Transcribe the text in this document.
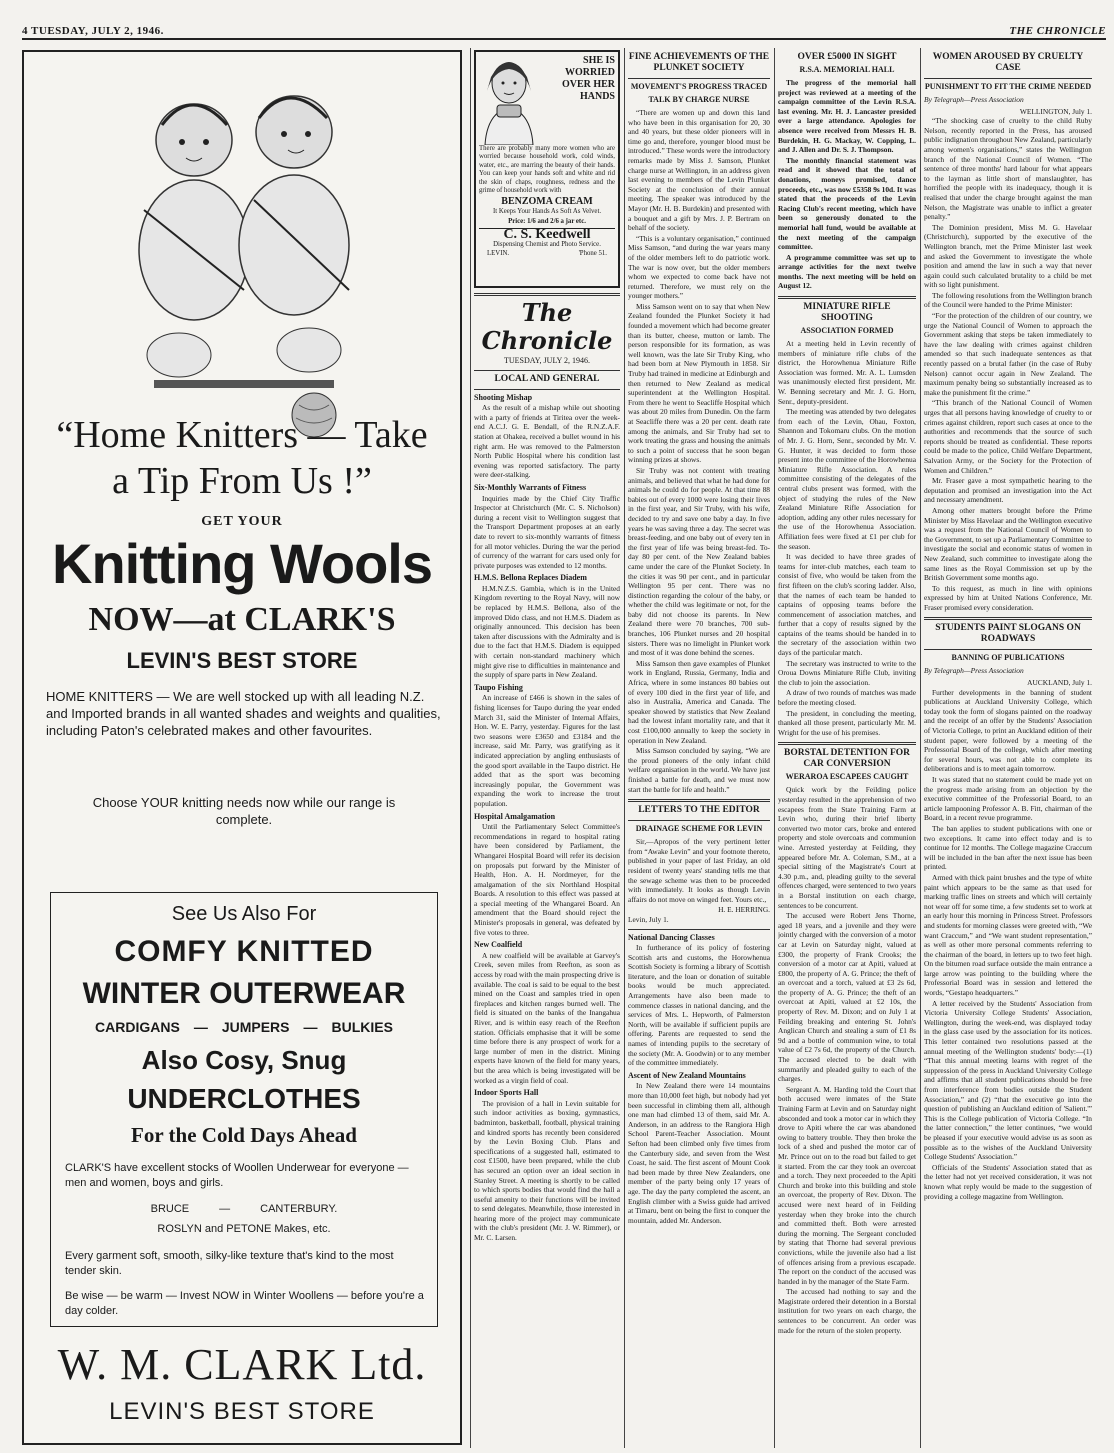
4 TUESDAY, JULY 2, 1946.	THE CHRONICLE
“Home Knitters — Take
a Tip From Us !”
GET YOUR
Knitting Wools
NOW—at CLARK'S
LEVIN'S BEST STORE
HOME KNITTERS — We are well stocked up with all leading N.Z. and Imported brands in all wanted shades and weights and qualities, including Paton's celebrated makes and other favourites.
Choose YOUR knitting needs now while our range is complete.
See Us Also For
COMFY KNITTED
WINTER OUTERWEAR
CARDIGANS — JUMPERS — BULKIES
Also Cosy, Snug
UNDERCLOTHES
For the Cold Days Ahead
CLARK'S have excellent stocks of Woollen Underwear for everyone — men and women, boys and girls.
BRUCE	—	CANTERBURY.
ROSLYN and PETONE Makes, etc.
Every garment soft, smooth, silky-like texture that's kind to the most tender skin.
Be wise — be warm — Invest NOW in Winter Woollens — before you're a day colder.
W. M. CLARK Ltd.
LEVIN'S BEST STORE
SHE IS WORRIED OVER HER HANDS
There are probably many more women who are worried because household work, cold winds, water, etc., are marring the beauty of their hands. You can keep your hands soft and white and rid the skin of chaps, roughness, redness and the grime of household work with
BENZOMA CREAM
It Keeps Your Hands As Soft As Velvet.
Price: 1/6 and 2/6 a jar etc.
C. S. Keedwell
Dispensing Chemist and Photo Service.
LEVIN.	'Phone 51.
The Chronicle
TUESDAY, JULY 2, 1946.
LOCAL AND GENERAL
Shooting Mishap
As the result of a mishap while out shooting with a party of friends at Tiritea over the week-end A.C.J. G. E. Bendall, of the R.N.Z.A.F. station at Ohakea, received a bullet wound in his right arm. He was removed to the Palmerston North Public Hospital where his condition last evening was reported satisfactory. The party were deer-stalking.
Six-Monthly Warrants of Fitness
Inquiries made by the Chief City Traffic Inspector at Christchurch (Mr. C. S. Nicholson) during a recent visit to Wellington suggest that the Transport Department proposes at an early date to revert to six-monthly warrants of fitness for all motor vehicles. During the war the period of currency of the warrant for cars used only for private purposes was extended to 12 months.
H.M.S. Bellona Replaces Diadem
H.M.N.Z.S. Gambia, which is in the United Kingdom reverting to the Royal Navy, will now be replaced by H.M.S. Bellona, also of the improved Dido class, and not H.M.S. Diadem as originally announced. This decision has been taken after discussions with the Admiralty and is due to the fact that H.M.S. Diadem is equipped with certain non-standard machinery which might give rise to difficulties in maintenance and the supply of spare parts in New Zealand.
Taupo Fishing
An increase of £466 is shown in the sales of fishing licenses for Taupo during the year ended March 31, said the Minister of Internal Affairs, Hon. W. E. Parry, yesterday. Figures for the last two seasons were £3650 and £3184 and the increase, said Mr. Parry, was gratifying as it indicated appreciation by angling enthusiasts of the good sport available in the Taupo district. He added that as the sport was becoming increasingly popular, the Government was expanding the work to increase the trout population.
Hospital Amalgamation
Until the Parliamentary Select Committee's recommendations in regard to hospital rating have been considered by Parliament, the Whangarei Hospital Board will refer its decision on proposals put forward by the Minister of Health, Hon. A. H. Nordmeyer, for the amalgamation of the six Northland Hospital Boards. A resolution to this effect was passed at a special meeting of the Whangarei Board. An amendment that the Board should reject the Minister's proposals in general, was defeated by five votes to three.
New Coalfield
A new coalfield will be available at Garvey's Creek, seven miles from Reefton, as soon as access by road with the main prospecting drive is available. The coal is said to be equal to the best mined on the Coast and samples tried in open fireplaces and kitchen ranges burned well. The field is situated on the banks of the Inangahua River, and is within easy reach of the Reefton station. Officials emphasise that it will be some time before there is any prospect of work for a large number of men in the district. Mining experts have known of the field for many years, but the area which is being investigated will be worked as a virgin field of coal.
Indoor Sports Hall
The provision of a hall in Levin suitable for such indoor activities as boxing, gymnastics, badminton, basketball, football, physical training and kindred sports has recently been considered by the Levin Boxing Club. Plans and specifications of a suggested hall, estimated to cost £1500, have been prepared, while the club has secured an option over an ideal section in Stanley Street. A meeting is shortly to be called to which sports bodies that would find the hall a useful amenity to their functions will be invited to send delegates. Meanwhile, those interested in hearing more of the project may communicate with the club's president (Mr. J. W. Rimmer), or Mr. C. Larsen.
FINE ACHIEVEMENTS OF THE PLUNKET SOCIETY
MOVEMENT'S PROGRESS TRACED
TALK BY CHARGE NURSE
“There are women up and down this land who have been in this organisation for 20, 30 and 40 years, but these older pioneers will in time go and, therefore, younger blood must be introduced.” These words were the introductory remarks made by Miss J. Samson, Plunket charge nurse at Wellington, in an address given last evening to members of the Levin Plunket Society at the conclusion of their annual meeting. The speaker was introduced by the Mayor (Mr. H. B. Burdekin) and presented with a bouquet and a gift by Mrs. J. P. Bertram on behalf of the society.
“This is a voluntary organisation,” continued Miss Samson, “and during the war years many of the older members left to do patriotic work. The war is now over, but the older members whom we expected to come back have not returned. Therefore, we must rely on the younger mothers.”
Miss Samson went on to say that when New Zealand founded the Plunket Society it had founded a movement which had become greater than its butter, cheese, mutton or lamb. The person responsible for its formation, as was well known, was the late Sir Truby King, who had been born at New Plymouth in 1858. Sir Truby had trained in medicine at Edinburgh and then returned to New Zealand as medical superintendent at the Wellington Hospital. From there he went to Seacliffe Hospital which was about 20 miles from Dunedin. On the farm at Seacliffe there was a 20 per cent. death rate among the animals, and Sir Truby had set to work treating the grass and housing the animals to such a point of success that he soon began winning prizes at shows.
Sir Truby was not content with treating animals, and believed that what he had done for animals he could do for people. At that time 88 babies out of every 1000 were losing their lives in the first year, and Sir Truby, with his wife, decided to try and save one baby a day. In five years he was saving three a day. The secret was breast-feeding, and one baby out of every ten in the first year of life was being breast-fed. To-day 80 per cent. of the New Zealand babies came under the care of the Plunket Society. In the cities it was 90 per cent., and in particular Wellington 95 per cent. There was no distinction regarding the colour of the baby, or whether the child was legitimate or not, for the baby did not choose its parents. In New Zealand there were 70 branches, 700 sub-branches, 106 Plunket nurses and 20 hospital sisters. There was no limelight in Plunket work and most of it was done behind the scenes.
Miss Samson then gave examples of Plunket work in England, Russia, Germany, India and Africa, where in some instances 80 babies out of every 100 died in the first year of life, and also in Australia, America and Canada. The speaker showed by statistics that New Zealand had the lowest infant mortality rate, and that it cost £100,000 annually to keep the society in operation in New Zealand.
Miss Samson concluded by saying, “We are the proud pioneers of the only infant child welfare organisation in the world. We have just finished a battle for death, and we must now start the battle for life and health.”
LETTERS TO THE EDITOR
DRAINAGE SCHEME FOR LEVIN
Sir,—Apropos of the very pertinent letter from “Awake Levin” and your footnote thereto, published in your paper of last Friday, an old resident of twenty years' standing tells me that the sewage scheme was then to be proceeded with immediately. It looks as though Levin affairs do not move on winged feet. Yours etc.,
H. E. HERRING.
Levin, July 1.
National Dancing Classes
In furtherance of its policy of fostering Scottish arts and customs, the Horowhenua Scottish Society is forming a library of Scottish literature, and the loan or donation of suitable books would be much appreciated. Arrangements have also been made to commence classes in national dancing, and the services of Mrs. L. Hepworth, of Palmerston North, will be available if sufficient pupils are offering. Parents are requested to send the names of intending pupils to the secretary of the society (Mr. A. Goodwin) or to any member of the committee immediately.
Ascent of New Zealand Mountains
In New Zealand there were 14 mountains more than 10,000 feet high, but nobody had yet been successful in climbing them all, although one man had climbed 13 of them, said Mr. A. Anderson, in an address to the Rangiora High School Parent-Teacher Association. Mount Sefton had been climbed only five times from the Canterbury side, and seven from the West Coast, he said. The first ascent of Mount Cook had been made by three New Zealanders, one member of the party being only 17 years of age. The day the party completed the ascent, an English climber with a Swiss guide had arrived at Timaru, bent on being the first to conquer the mountain, added Mr. Anderson.
OVER £5000 IN SIGHT
R.S.A. MEMORIAL HALL
The progress of the memorial hall project was reviewed at a meeting of the campaign committee of the Levin R.S.A. last evening. Mr. H. J. Lancaster presided over a large attendance. Apologies for absence were received from Messrs H. B. Burdekin, H. G. Mackay, W. Copping, L. and J. Allen and Dr. S. J. Thompson.
The monthly financial statement was read and it showed that the total of donations, moneys promised, dance proceeds, etc., was now £5358 9s 10d. It was stated that the proceeds of the Levin Racing Club's recent meeting, which have been so generously donated to the memorial hall fund, would be available at the next meeting of the campaign committee.
A programme committee was set up to arrange activities for the next twelve months. The next meeting will be held on August 12.
MINIATURE RIFLE SHOOTING
ASSOCIATION FORMED
At a meeting held in Levin recently of members of miniature rifle clubs of the district, the Horowhenua Miniature Rifle Association was formed. Mr. A. L. Lumsden was unanimously elected first president, Mr. W. Benning secretary and Mr. J. G. Horn, Senr., deputy-president.
The meeting was attended by two delegates from each of the Levin, Ohau, Foxton, Shannon and Tokomaru clubs. On the motion of Mr. J. G. Horn, Senr., seconded by Mr. V. G. Hunter, it was decided to form those present into the committee of the Horowhenua Miniature Rifle Association. A rules committee consisting of the delegates of the central clubs present was formed, with the object of studying the rules of the New Zealand Miniature Rifle Association for adoption, adding any other rules necessary for the use of the Horowhenua Association. Affiliation fees were fixed at £1 per club for the season.
It was decided to have three grades of teams for inter-club matches, each team to consist of five, who would be taken from the first fifteen on the club's scoring ladder. Also, that the names of each team be handed to captains of opposing teams before the commencement of association matches, and further that a copy of results signed by the captains of the teams should be handed in to the secretary of the association within two days of the particular match.
The secretary was instructed to write to the Oroua Downs Miniature Rifle Club, inviting the club to join the association.
A draw of two rounds of matches was made before the meeting closed.
The president, in concluding the meeting, thanked all those present, particularly Mr. M. Wright for the use of his premises.
BORSTAL DETENTION FOR CAR CONVERSION
WERAROA ESCAPEES CAUGHT
Quick work by the Feilding police yesterday resulted in the apprehension of two escapees from the State Training Farm at Levin who, during their brief liberty converted two motor cars, broke and entered property and stole overcoats and communion wine. Arrested yesterday at Feilding, they appeared before Mr. A. Coleman, S.M., at a special sitting of the Magistrate's Court at 4.30 p.m., and, pleading guilty to the several offences charged, were sentenced to two years in a Borstal institution on each charge, sentences to be concurrent.
The accused were Robert Jens Thorne, aged 18 years, and a juvenile and they were jointly charged with the conversion of a motor car at Levin on Saturday night, valued at £300, the property of Frank Crooks; the conversion of a motor car at Apiti, valued at £800, the property of A. G. Prince; the theft of an overcoat and a torch, valued at £3 2s 6d, the property of A. G. Prince; the theft of an overcoat at Apiti, valued at £2 10s, the property of Rev. M. Dixon; and on July 1 at Feilding breaking and entering St. John's Anglican Church and stealing a sum of £1 8s 9d and a bottle of communion wine, to total value of £2 7s 6d, the property of the Church. The accused elected to be dealt with summarily and pleaded guilty to each of the charges.
Sergeant A. M. Harding told the Court that both accused were inmates of the State Training Farm at Levin and on Saturday night absconded and took a motor car in which they drove to Apiti where the car was abandoned owing to battery trouble. They then broke the lock of a shed and pushed the motor car of Mr. Prince out on to the road but failed to get it started. From the car they took an overcoat and a torch. They next proceeded to the Apiti Church and broke into this building and stole an overcoat, the property of Rev. Dixon. The accused were next heard of in Feilding yesterday when they broke into the church and committed theft. Both were arrested during the morning. The Sergeant concluded by stating that Thorne had several previous convictions, while the juvenile also had a list of offences arising from a previous escapade. The report on the conduct of the accused was handed in by the manager of the State Farm.
The accused had nothing to say and the Magistrate ordered their detention in a Borstal institution for two years on each charge, the sentences to be concurrent. An order was made for the return of the stolen property.
WOMEN AROUSED BY CRUELTY CASE
PUNISHMENT TO FIT THE CRIME NEEDED
By Telegraph—Press Association
WELLINGTON, July 1.
“The shocking case of cruelty to the child Ruby Nelson, recently reported in the Press, has aroused public indignation throughout New Zealand, particularly among women's organisations,” states the Wellington branch of the National Council of Women. “The sentence of three months' hard labour for what appears to the layman as little short of manslaughter, has horrified the people with its inadequacy, though it is realised that under the charge brought against the man Nelson, the Magistrate was unable to inflict a greater penalty.”
The Dominion president, Miss M. G. Havelaar (Christchurch), supported by the executive of the Wellington branch, met the Prime Minister last week and asked the Government to investigate the whole position and amend the law in such a way that never again could such calculated brutality to a child be met with so light punishment.
The following resolutions from the Wellington branch of the Council were handed to the Prime Minister:
“For the protection of the children of our country, we urge the National Council of Women to approach the Government asking that steps be taken immediately to have the law dealing with crimes against children amended so that such inadequate sentences as that recently passed on a brutal father (in the case of Ruby Nelson) cannot occur again in New Zealand. The maximum penalty being so substantially increased as to make the punishment fit the crime.”
“This branch of the National Council of Women urges that all persons having knowledge of cruelty to or crimes against children, report such cases at once to the authorities and recommends that the source of such reports should be treated as confidential. These reports could be made to the police, Child Welfare Department, Salvation Army, or the Society for the Protection of Women and Children.”
Mr. Fraser gave a most sympathetic hearing to the deputation and promised an investigation into the Act and necessary amendment.
Among other matters brought before the Prime Minister by Miss Havelaar and the Wellington executive was a request from the National Council of Women to the Government, to set up a Parliamentary Committee to investigate the social and economic status of women in New Zealand, such committee to investigate along the same lines as the Royal Commission set up by the British Government some months ago.
To this request, as much in line with opinions expressed by him at United Nations Conference, Mr. Fraser promised every consideration.
STUDENTS PAINT SLOGANS ON ROADWAYS
BANNING OF PUBLICATIONS
By Telegraph—Press Association
AUCKLAND, July 1.
Further developments in the banning of student publications at Auckland University College, which today took the form of slogans painted on the roadway and the receipt of an offer by the Students' Association of Victoria College, to print an Auckland edition of their student paper, were followed by a meeting of the Professorial Board of the college, which after meeting for several hours, was not able to complete its deliberations and is to meet again tomorrow.
It was stated that no statement could be made yet on the progress made arising from an objection by the executive committee of the Professorial Board, to an article lampooning Professor A. B. Fitt, chairman of the Board, in a recent revue programme.
The ban applies to student publications with one or two exceptions. It came into effect today and is to continue for 12 months. The College magazine Craccum will be included in the ban after the next issue has been printed.
Armed with thick paint brushes and the type of white paint which appears to be the same as that used for marking traffic lines on streets and which will certainly not wear off for some time, a few students set to work at an early hour this morning in Princess Street. Professors and students for morning classes were greeted with, “We want Craccum,” and “We want student representation,” as well as other more personal comments referring to the chairman of the board, in letters up to two feet high. On the bitumen road surface outside the main entrance a large arrow was pointing to the building where the Professorial Board was in session and lettered the words, “Gestapo headquarters.”
A letter received by the Students' Association from Victoria University College Students' Association, Wellington, during the week-end, was displayed today in the glass case used by the association for its notices. This letter contained two resolutions passed at the annual meeting of the Wellington students' body:—(1) “That this annual meeting learns with regret of the suppression of the press in Auckland University College and affirms that all student publications should be free from interference from bodies outside the Student Association,” and (2) “that the executive go into the question of publishing an Auckland edition of 'Salient.'” This is the College publication of Victoria College. “In the latter connection,” the letter continues, “we would be pleased if your executive would advise us as soon as possible as to the wishes of the Auckland University College Students' Association.”
Officials of the Students' Association stated that as the letter had not yet received consideration, it was not known what reply would be made to the suggestion of providing a college magazine from Wellington.
